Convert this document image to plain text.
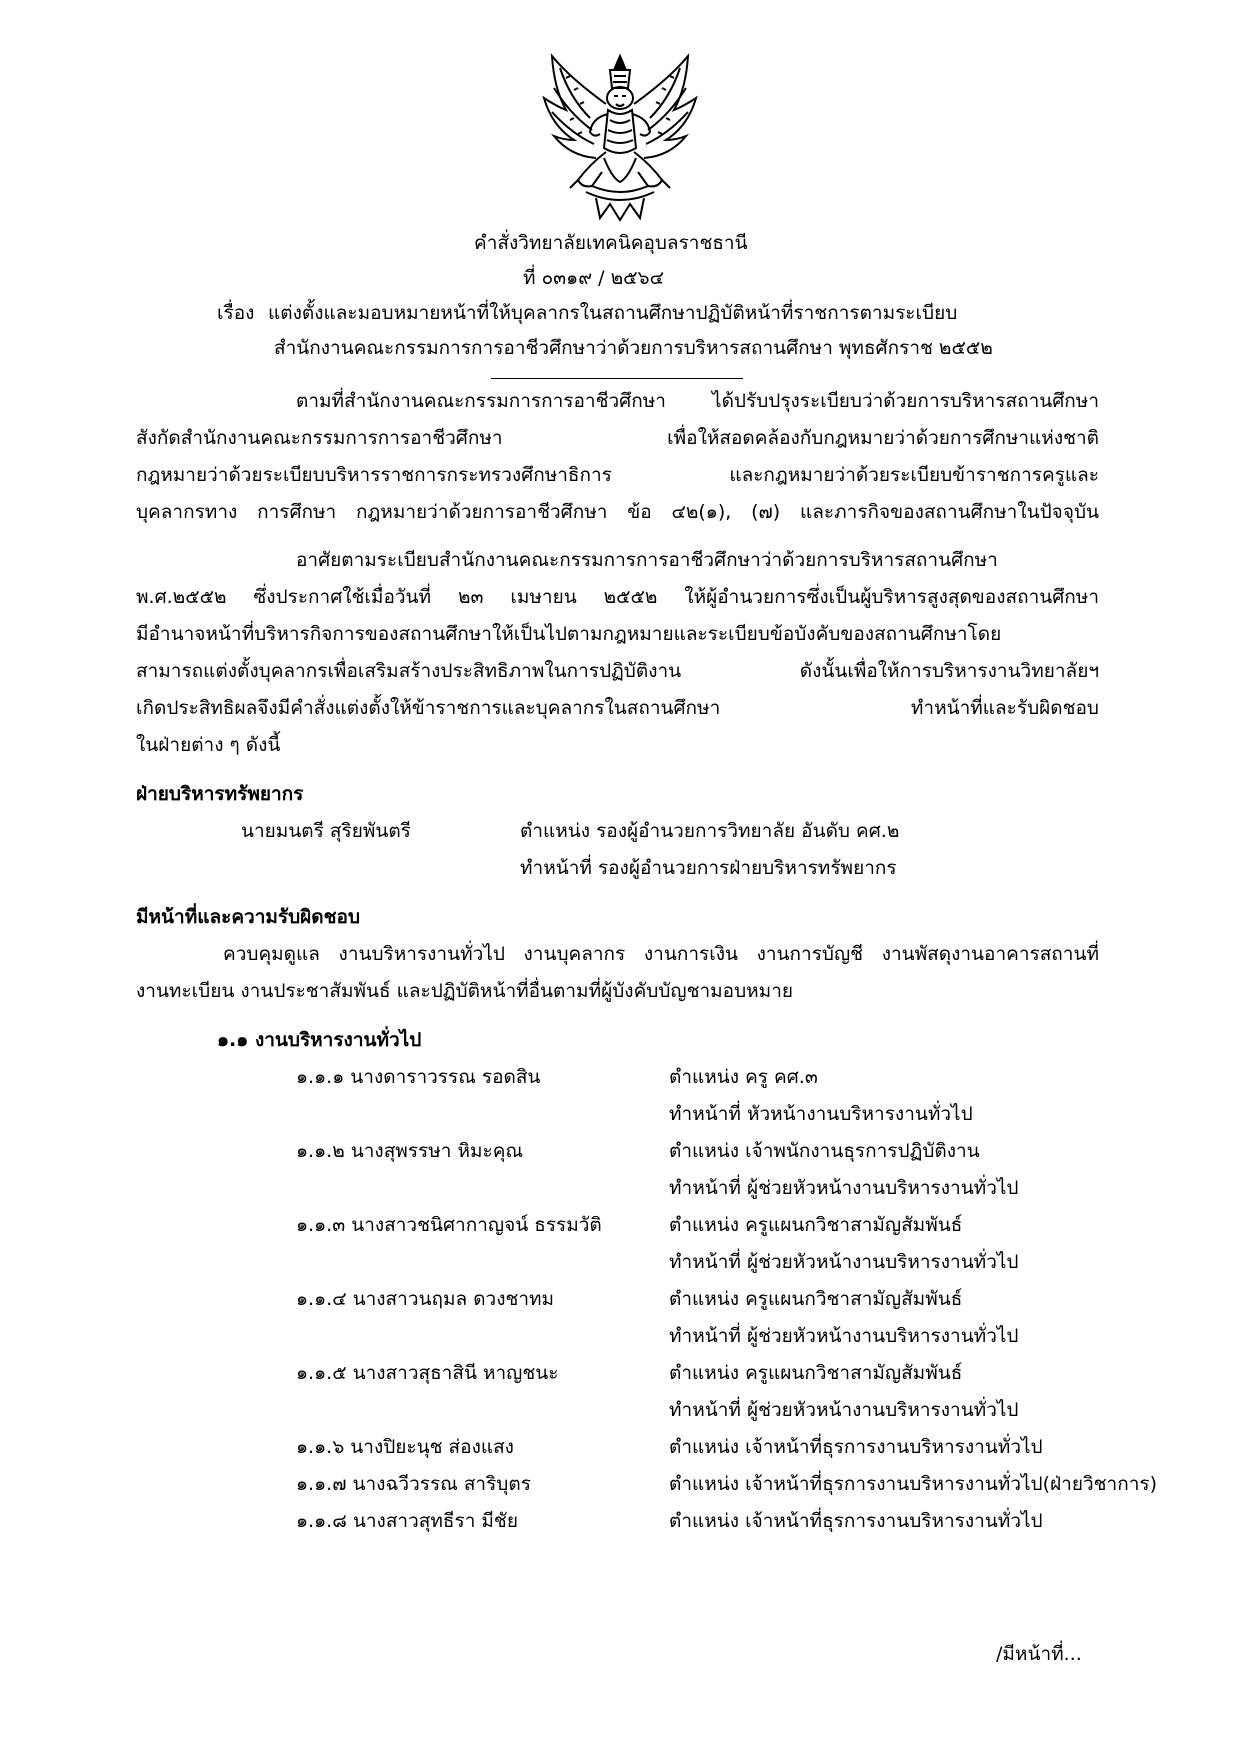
คำสั่งวิทยาลัยเทคนิคอุบลราชธานี
ที่ ๐๓๑๙ / ๒๕๖๔
เรื่อง แต่งตั้งและมอบหมายหน้าที่ให้บุคลากรในสถานศึกษาปฏิบัติหน้าที่ราชการตามระเบียบ
สำนักงานคณะกรรมการการอาชีวศึกษาว่าด้วยการบริหารสถานศึกษา พุทธศักราช ๒๕๕๒
ตามที่สำนักงานคณะกรรมการการอาชีวศึกษา ได้ปรับปรุงระเบียบว่าด้วยการบริหารสถานศึกษา
สังกัดสำนักงานคณะกรรมการการอาชีวศึกษา เพื่อให้สอดคล้องกับกฎหมายว่าด้วยการศึกษาแห่งชาติ
กฎหมายว่าด้วยระเบียบบริหารราชการกระทรวงศึกษาธิการ และกฎหมายว่าด้วยระเบียบข้าราชการครูและ
บุคลากรทาง การศึกษา กฎหมายว่าด้วยการอาชีวศึกษา ข้อ ๔๒(๑), (๗) และภารกิจของสถานศึกษาในปัจจุบัน
อาศัยตามระเบียบสำนักงานคณะกรรมการการอาชีวศึกษาว่าด้วยการบริหารสถานศึกษา
พ.ศ.๒๕๕๒ ซึ่งประกาศใช้เมื่อวันที่ ๒๓ เมษายน ๒๕๕๒ ให้ผู้อำนวยการซึ่งเป็นผู้บริหารสูงสุดของสถานศึกษา
มีอำนาจหน้าที่บริหารกิจการของสถานศึกษาให้เป็นไปตามกฎหมายและระเบียบข้อบังคับของสถานศึกษาโดย
สามารถแต่งตั้งบุคลากรเพื่อเสริมสร้างประสิทธิภาพในการปฏิบัติงาน ดังนั้นเพื่อให้การบริหารงานวิทยาลัยฯ
เกิดประสิทธิผลจึงมีคำสั่งแต่งตั้งให้ข้าราชการและบุคลากรในสถานศึกษา ทำหน้าที่และรับผิดชอบ
ในฝ่ายต่าง ๆ ดังนี้
ฝ่ายบริหารทรัพยากร
นายมนตรี สุริยพันตรี	ตำแหน่ง รองผู้อำนวยการวิทยาลัย อันดับ คศ.๒
ทำหน้าที่ รองผู้อำนวยการฝ่ายบริหารทรัพยากร
มีหน้าที่และความรับผิดชอบ
ควบคุมดูแล งานบริหารงานทั่วไป งานบุคลากร งานการเงิน งานการบัญชี งานพัสดุงานอาคารสถานที่
งานทะเบียน งานประชาสัมพันธ์ และปฏิบัติหน้าที่อื่นตามที่ผู้บังคับบัญชามอบหมาย
๑.๑ งานบริหารงานทั่วไป
๑.๑.๑ นางดาราวรรณ รอดสิน	ตำแหน่ง ครู คศ.๓
ทำหน้าที่ หัวหน้างานบริหารงานทั่วไป
๑.๑.๒ นางสุพรรษา หิมะคุณ	ตำแหน่ง เจ้าพนักงานธุรการปฏิบัติงาน
ทำหน้าที่ ผู้ช่วยหัวหน้างานบริหารงานทั่วไป
๑.๑.๓ นางสาวชนิศากาญจน์ ธรรมวัติ	ตำแหน่ง ครูแผนกวิชาสามัญสัมพันธ์
ทำหน้าที่ ผู้ช่วยหัวหน้างานบริหารงานทั่วไป
๑.๑.๔ นางสาวนฤมล ดวงชาทม	ตำแหน่ง ครูแผนกวิชาสามัญสัมพันธ์
ทำหน้าที่ ผู้ช่วยหัวหน้างานบริหารงานทั่วไป
๑.๑.๕ นางสาวสุธาสินี หาญชนะ	ตำแหน่ง ครูแผนกวิชาสามัญสัมพันธ์
ทำหน้าที่ ผู้ช่วยหัวหน้างานบริหารงานทั่วไป
๑.๑.๖ นางปิยะนุช ส่องแสง	ตำแหน่ง เจ้าหน้าที่ธุรการงานบริหารงานทั่วไป
๑.๑.๗ นางฉวีวรรณ สาริบุตร	ตำแหน่ง เจ้าหน้าที่ธุรการงานบริหารงานทั่วไป(ฝ่ายวิชาการ)
๑.๑.๘ นางสาวสุทธีรา มีชัย	ตำแหน่ง เจ้าหน้าที่ธุรการงานบริหารงานทั่วไป
/มีหน้าที่...
